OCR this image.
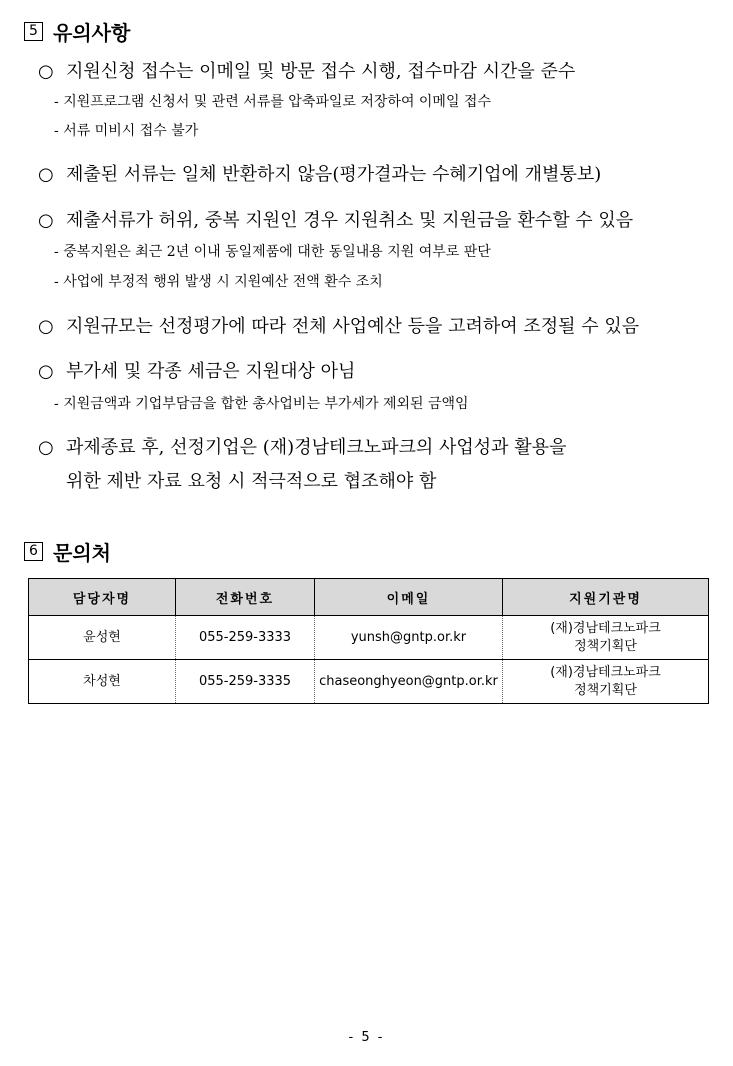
5 유의사항
○ 지원신청 접수는 이메일 및 방문 접수 시행, 접수마감 시간을 준수
- 지원프로그램 신청서 및 관련 서류를 압축파일로 저장하여 이메일 접수
- 서류 미비시 접수 불가
○ 제출된 서류는 일체 반환하지 않음(평가결과는 수혜기업에 개별통보)
○ 제출서류가 허위, 중복 지원인 경우 지원취소 및 지원금을 환수할 수 있음
- 중복지원은 최근 2년 이내 동일제품에 대한 동일내용 지원 여부로 판단
- 사업에 부정적 행위 발생 시 지원예산 전액 환수 조치
○ 지원규모는 선정평가에 따라 전체 사업예산 등을 고려하여 조정될 수 있음
○ 부가세 및 각종 세금은 지원대상 아님
- 지원금액과 기업부담금을 합한 총사업비는 부가세가 제외된 금액임
○ 과제종료 후, 선정기업은 (재)경남테크노파크의 사업성과 활용을
위한 제반 자료 요청 시 적극적으로 협조해야 함
6 문의처
담당자명	전화번호	이메일	지원기관명
윤성현	055-259-3333	yunsh@gntp.or.kr	(재)경남테크노파크
정책기획단

차성현	055-259-3335	chaseonghyeon@gntp.or.kr	(재)경남테크노파크
정책기획단
- 5 -
